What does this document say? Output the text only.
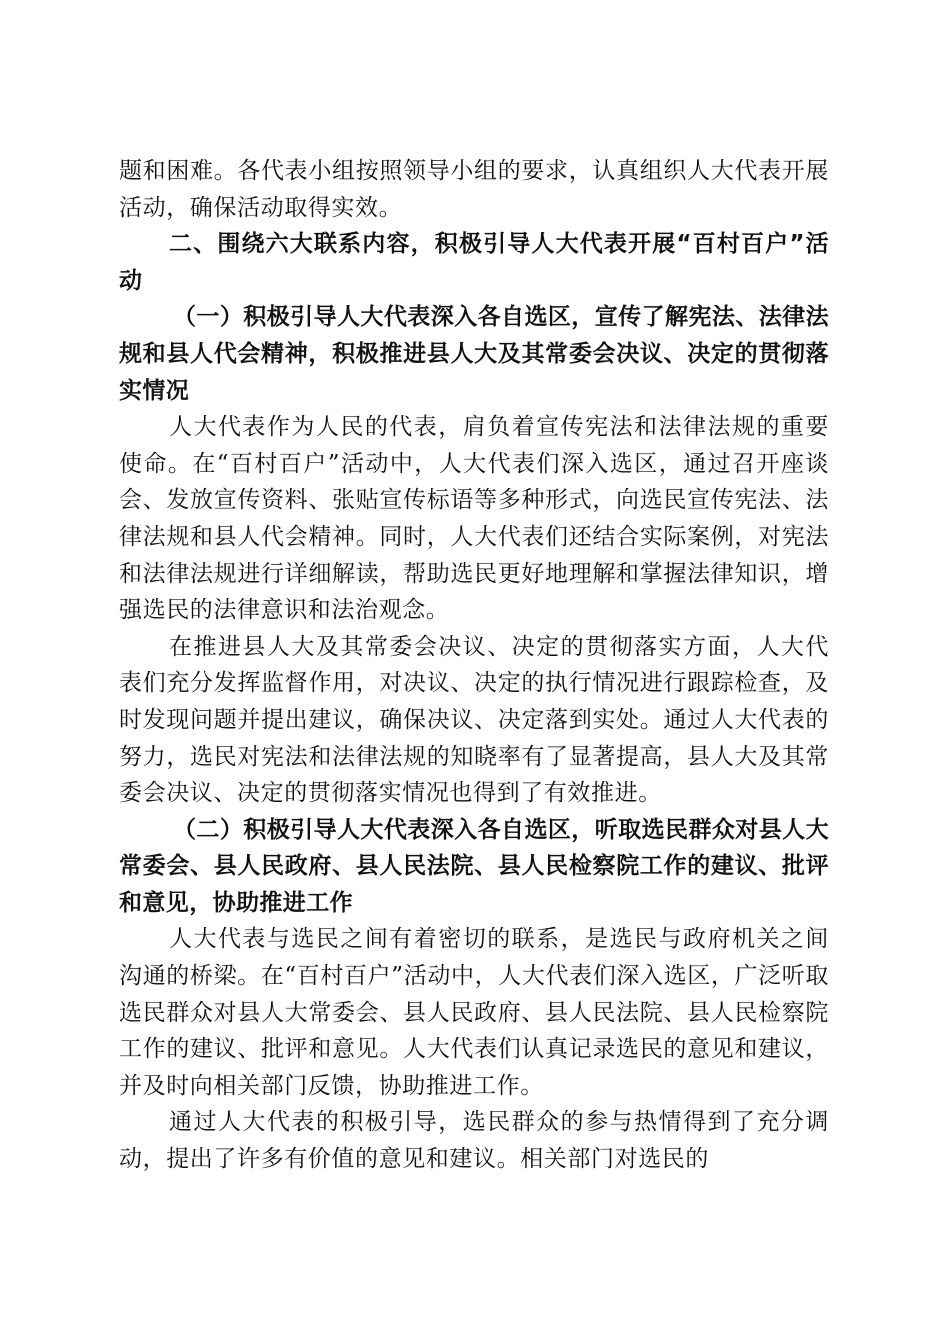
题和困难。各代表小组按照领导小组的要求，认真组织人大代表开展活动，确保活动取得实效。

二、围绕六大联系内容，积极引导人大代表开展“百村百户”活动

（一）积极引导人大代表深入各自选区，宣传了解宪法、法律法规和县人代会精神，积极推进县人大及其常委会决议、决定的贯彻落实情况

人大代表作为人民的代表，肩负着宣传宪法和法律法规的重要使命。在“百村百户”活动中，人大代表们深入选区，通过召开座谈会、发放宣传资料、张贴宣传标语等多种形式，向选民宣传宪法、法律法规和县人代会精神。同时，人大代表们还结合实际案例，对宪法和法律法规进行详细解读，帮助选民更好地理解和掌握法律知识，增强选民的法律意识和法治观念。

在推进县人大及其常委会决议、决定的贯彻落实方面，人大代表们充分发挥监督作用，对决议、决定的执行情况进行跟踪检查，及时发现问题并提出建议，确保决议、决定落到实处。通过人大代表的努力，选民对宪法和法律法规的知晓率有了显著提高，县人大及其常委会决议、决定的贯彻落实情况也得到了有效推进。

（二）积极引导人大代表深入各自选区，听取选民群众对县人大常委会、县人民政府、县人民法院、县人民检察院工作的建议、批评和意见，协助推进工作

人大代表与选民之间有着密切的联系，是选民与政府机关之间沟通的桥梁。在“百村百户”活动中，人大代表们深入选区，广泛听取选民群众对县人大常委会、县人民政府、县人民法院、县人民检察院工作的建议、批评和意见。人大代表们认真记录选民的意见和建议，并及时向相关部门反馈，协助推进工作。

通过人大代表的积极引导，选民群众的参与热情得到了充分调动，提出了许多有价值的意见和建议。相关部门对选民的
